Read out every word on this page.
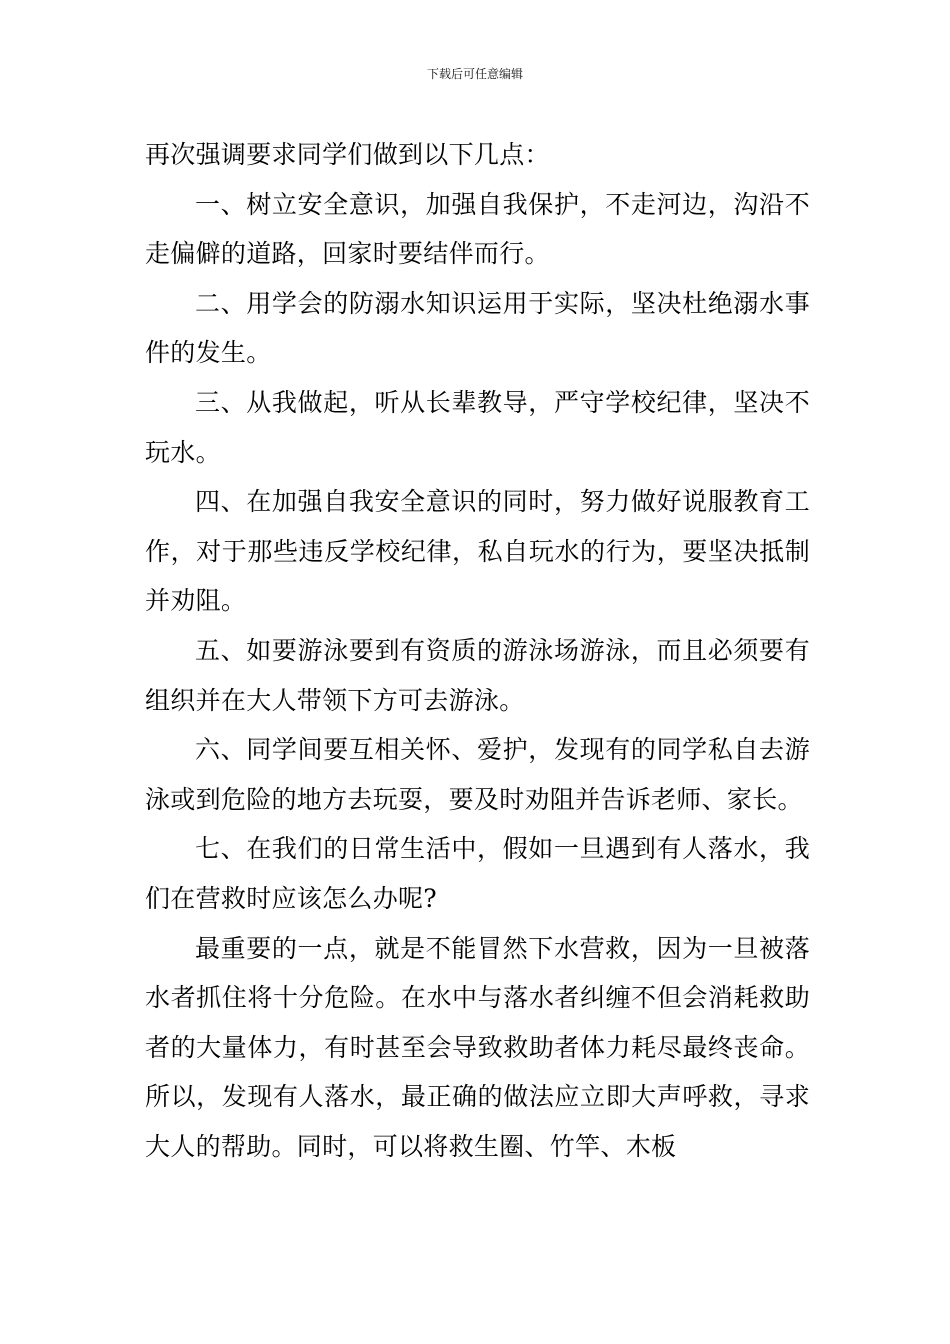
下载后可任意编辑

再次强调要求同学们做到以下几点：

一、树立安全意识，加强自我保护，不走河边，沟沿不走偏僻的道路，回家时要结伴而行。

二、用学会的防溺水知识运用于实际，坚决杜绝溺水事件的发生。

三、从我做起，听从长辈教导，严守学校纪律，坚决不玩水。

四、在加强自我安全意识的同时，努力做好说服教育工作，对于那些违反学校纪律，私自玩水的行为，要坚决抵制并劝阻。

五、如要游泳要到有资质的游泳场游泳，而且必须要有组织并在大人带领下方可去游泳。

六、同学间要互相关怀、爱护，发现有的同学私自去游泳或到危险的地方去玩耍，要及时劝阻并告诉老师、家长。

七、在我们的日常生活中，假如一旦遇到有人落水，我们在营救时应该怎么办呢?

最重要的一点，就是不能冒然下水营救，因为一旦被落水者抓住将十分危险。在水中与落水者纠缠不但会消耗救助者的大量体力，有时甚至会导致救助者体力耗尽最终丧命。所以，发现有人落水，最正确的做法应立即大声呼救，寻求大人的帮助。同时，可以将救生圈、竹竿、木板
